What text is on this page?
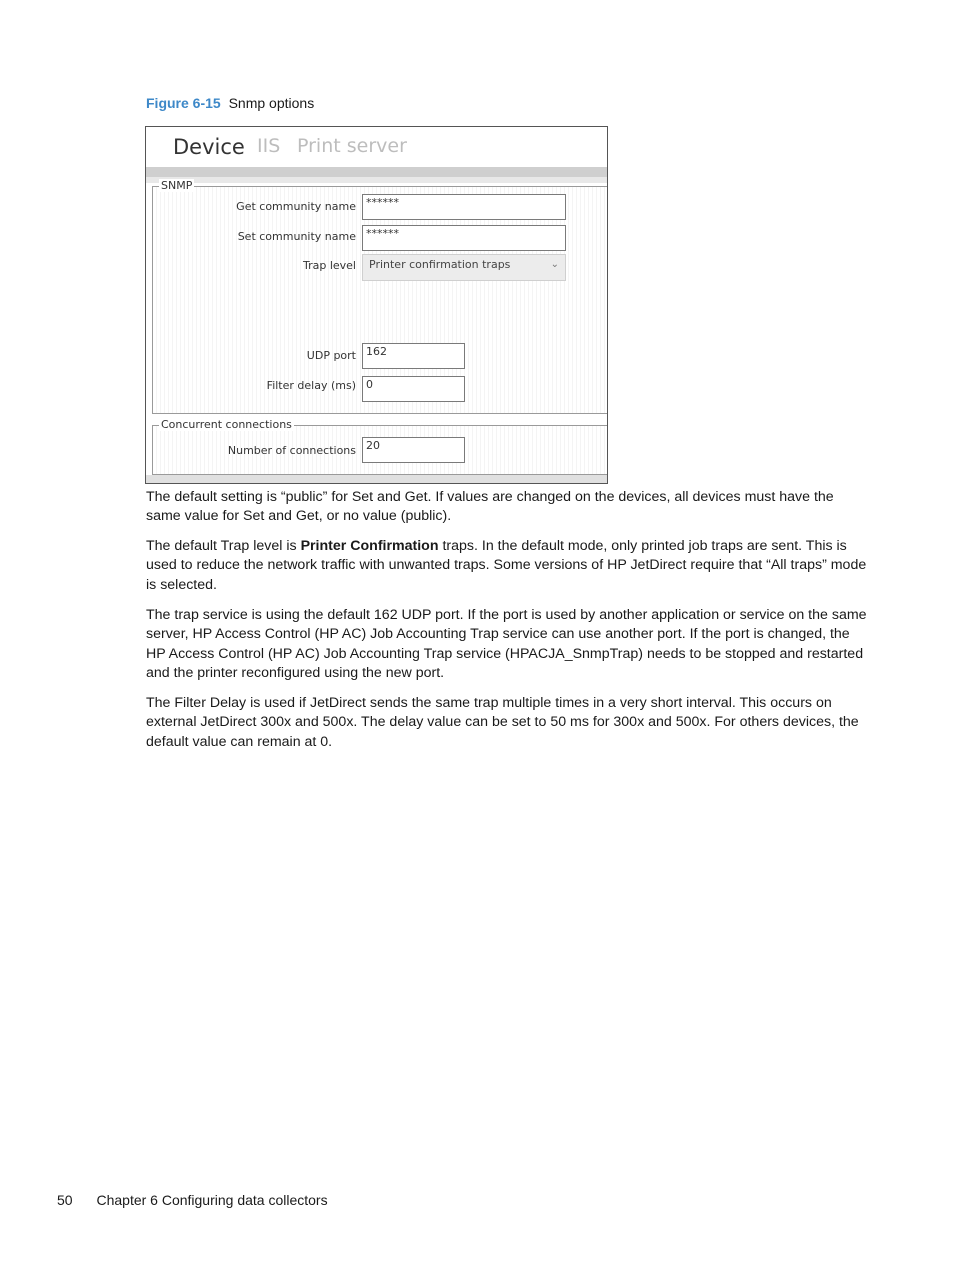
Figure 6-15 Snmp options
Device IIS Print server
SNMP
Get community name ******
Set community name ******
Trap level	Printer confirmation traps	⌄
UDP port 162
Filter delay (ms) 0
Concurrent connections
Number of connections 20

The default setting is “public” for Set and Get. If values are changed on the devices, all devices must have the same value for Set and Get, or no value (public).

The default Trap level is Printer Confirmation traps. In the default mode, only printed job traps are sent. This is used to reduce the network traffic with unwanted traps. Some versions of HP JetDirect require that “All traps” mode is selected.

The trap service is using the default 162 UDP port. If the port is used by another application or service on the same server, HP Access Control (HP AC) Job Accounting Trap service can use another port. If the port is changed, the HP Access Control (HP AC) Job Accounting Trap service (HPACJA_SnmpTrap) needs to be stopped and restarted and the printer reconfigured using the new port.

The Filter Delay is used if JetDirect sends the same trap multiple times in a very short interval. This occurs on external JetDirect 300x and 500x. The delay value can be set to 50 ms for 300x and 500x. For others devices, the default value can remain at 0.

50 Chapter 6 Configuring data collectors
